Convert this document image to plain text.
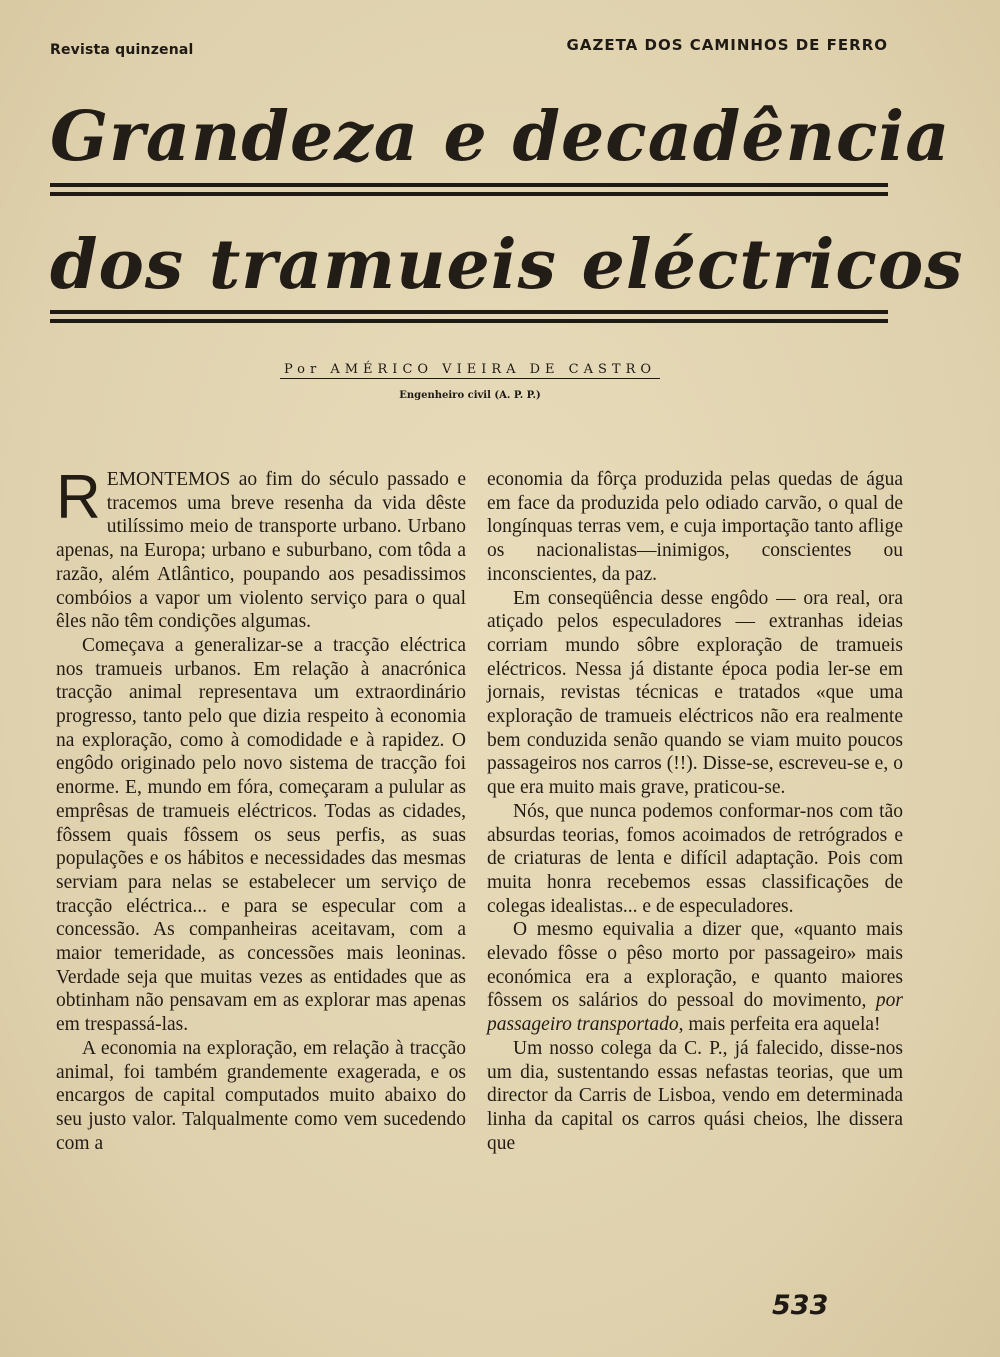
Revista quinzenal	GAZETA DOS CAMINHOS DE FERRO
Grandeza e decadência
dos tramueis eléctricos
Por AMÉRICO VIEIRA DE CASTRO
Engenheiro civil (A. P. P.)

REMONTEMOS ao fim do século passado e tracemos uma breve resenha da vida dêste utilíssimo meio de transporte urbano. Urbano apenas, na Europa; urbano e suburbano, com tôda a razão, além Atlântico, poupando aos pesadissimos combóios a vapor um violento serviço para o qual êles não têm condições algumas.

Começava a generalizar-se a tracção eléctrica nos tramueis urbanos. Em relação à anacrónica tracção animal representava um extraordinário progresso, tanto pelo que dizia respeito à economia na exploração, como à comodidade e à rapidez. O engôdo originado pelo novo sistema de tracção foi enorme. E, mundo em fóra, começaram a pulular as emprêsas de tramueis eléctricos. Todas as cidades, fôssem quais fôssem os seus perfis, as suas populações e os hábitos e necessidades das mesmas serviam para nelas se estabelecer um serviço de tracção eléctrica... e para se especular com a concessão. As companheiras aceitavam, com a maior temeridade, as concessões mais leoninas. Verdade seja que muitas vezes as entidades que as obtinham não pensavam em as explorar mas apenas em trespassá-las.

A economia na exploração, em relação à tracção animal, foi também grandemente exagerada, e os encargos de capital computados muito abaixo do seu justo valor. Talqualmente como vem sucedendo com a

economia da fôrça produzida pelas quedas de água em face da produzida pelo odiado carvão, o qual de longínquas terras vem, e cuja importação tanto aflige os nacionalistas—inimigos, conscientes ou inconscientes, da paz.

Em conseqüência desse engôdo — ora real, ora atiçado pelos especuladores — extranhas ideias corriam mundo sôbre exploração de tramueis eléctricos. Nessa já distante época podia ler-se em jornais, revistas técnicas e tratados «que uma exploração de tramueis eléctricos não era realmente bem conduzida senão quando se viam muito poucos passageiros nos carros (!!). Disse-se, escreveu-se e, o que era muito mais grave, praticou-se.

Nós, que nunca podemos conformar-nos com tão absurdas teorias, fomos acoimados de retrógrados e de criaturas de lenta e difícil adaptação. Pois com muita honra recebemos essas classificações de colegas idealistas... e de especuladores.

O mesmo equivalia a dizer que, «quanto mais elevado fôsse o pêso morto por passageiro» mais económica era a exploração, e quanto maiores fôssem os salários do pessoal do movimento, por passageiro transportado, mais perfeita era aquela!

Um nosso colega da C. P., já falecido, disse-nos um dia, sustentando essas nefastas teorias, que um director da Carris de Lisboa, vendo em determinada linha da capital os carros quási cheios, lhe dissera que

533
